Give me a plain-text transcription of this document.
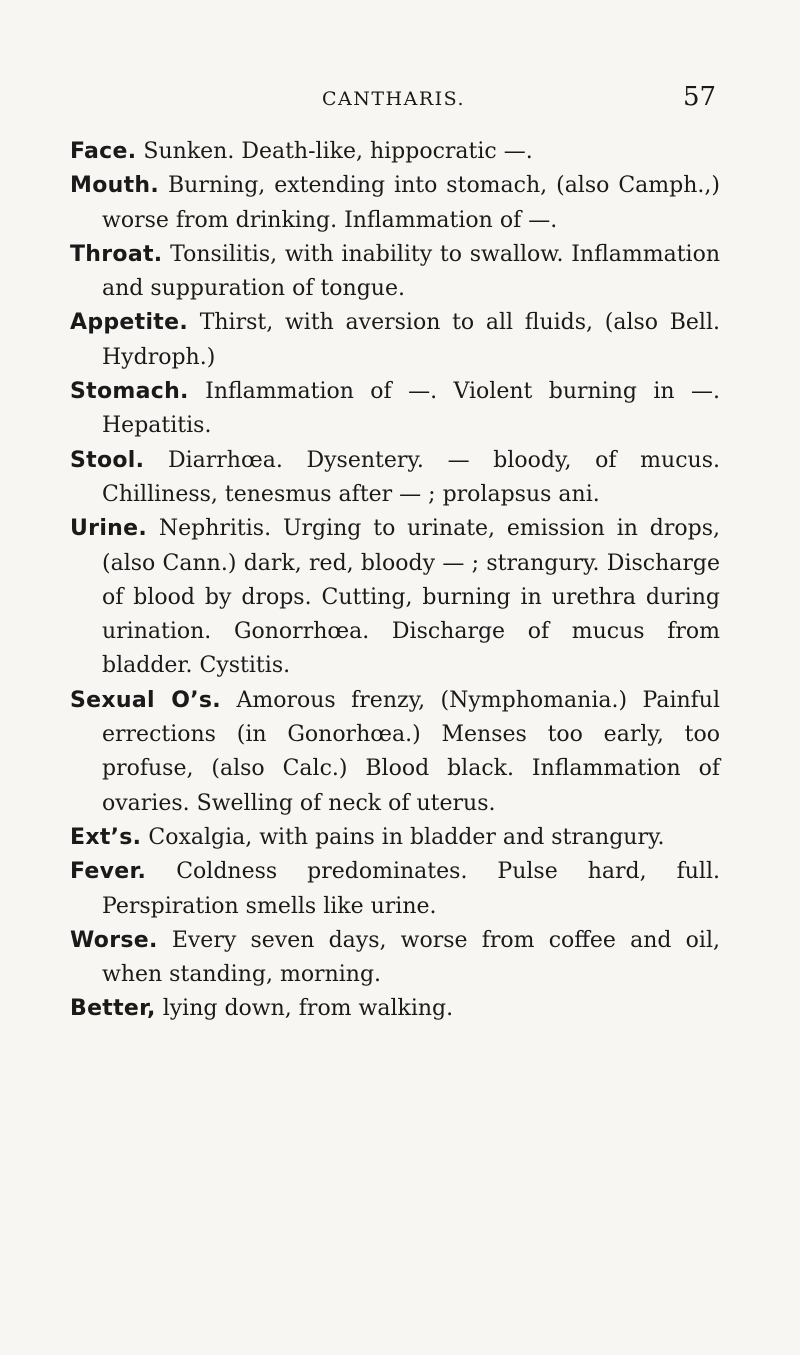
CANTHARIS.	57

Face. Sunken. Death-like, hippocratic —.

Mouth. Burning, extending into stomach, (also Camph.,) worse from drinking. Inflammation of —.

Throat. Tonsilitis, with inability to swallow. Inflammation and suppuration of tongue.

Appetite. Thirst, with aversion to all fluids, (also Bell. Hydroph.)

Stomach. Inflammation of —. Violent burning in —. Hepatitis.

Stool. Diarrhœa. Dysentery. — bloody, of mucus. Chilliness, tenesmus after — ; prolapsus ani.

Urine. Nephritis. Urging to urinate, emission in drops, (also Cann.) dark, red, bloody — ; strangury. Discharge of blood by drops. Cutting, burning in urethra during urination. Gonorrhœa. Discharge of mucus from bladder. Cystitis.

Sexual O’s. Amorous frenzy, (Nymphomania.) Painful errections (in Gonorhœa.) Menses too early, too profuse, (also Calc.) Blood black. Inflammation of ovaries. Swelling of neck of uterus.

Ext’s. Coxalgia, with pains in bladder and strangury.

Fever. Coldness predominates. Pulse hard, full. Perspiration smells like urine.

Worse. Every seven days, worse from coffee and oil, when standing, morning.

Better, lying down, from walking.
